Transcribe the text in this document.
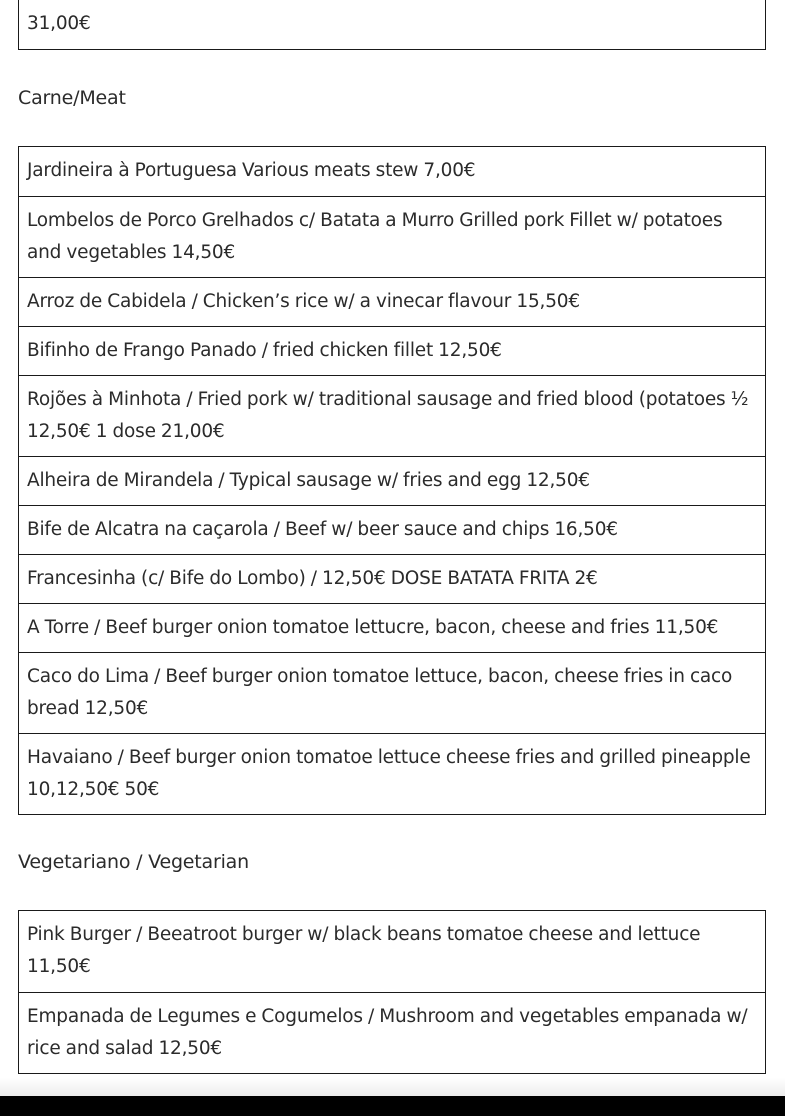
31,00€
Carne/Meat
Jardineira à Portuguesa Various meats stew 7,00€
Lombelos de Porco Grelhados c/ Batata a Murro Grilled pork Fillet w/ potatoes and vegetables 14,50€
Arroz de Cabidela / Chicken’s rice w/ a vinecar flavour 15,50€
Bifinho de Frango Panado / fried chicken fillet 12,50€
Rojões à Minhota / Fried pork w/ traditional sausage and fried blood (potatoes ½ 12,50€ 1 dose 21,00€
Alheira de Mirandela / Typical sausage w/ fries and egg 12,50€
Bife de Alcatra na caçarola / Beef w/ beer sauce and chips 16,50€
Francesinha (c/ Bife do Lombo) / 12,50€ DOSE BATATA FRITA 2€
A Torre / Beef burger onion tomatoe lettucre, bacon, cheese and fries 11,50€
Caco do Lima / Beef burger onion tomatoe lettuce, bacon, cheese fries in caco bread 12,50€
Havaiano / Beef burger onion tomatoe lettuce cheese fries and grilled pineapple 10,12,50€ 50€
Vegetariano / Vegetarian
Pink Burger / Beeatroot burger w/ black beans tomatoe cheese and lettuce 11,50€
Empanada de Legumes e Cogumelos / Mushroom and vegetables empanada w/ rice and salad 12,50€
